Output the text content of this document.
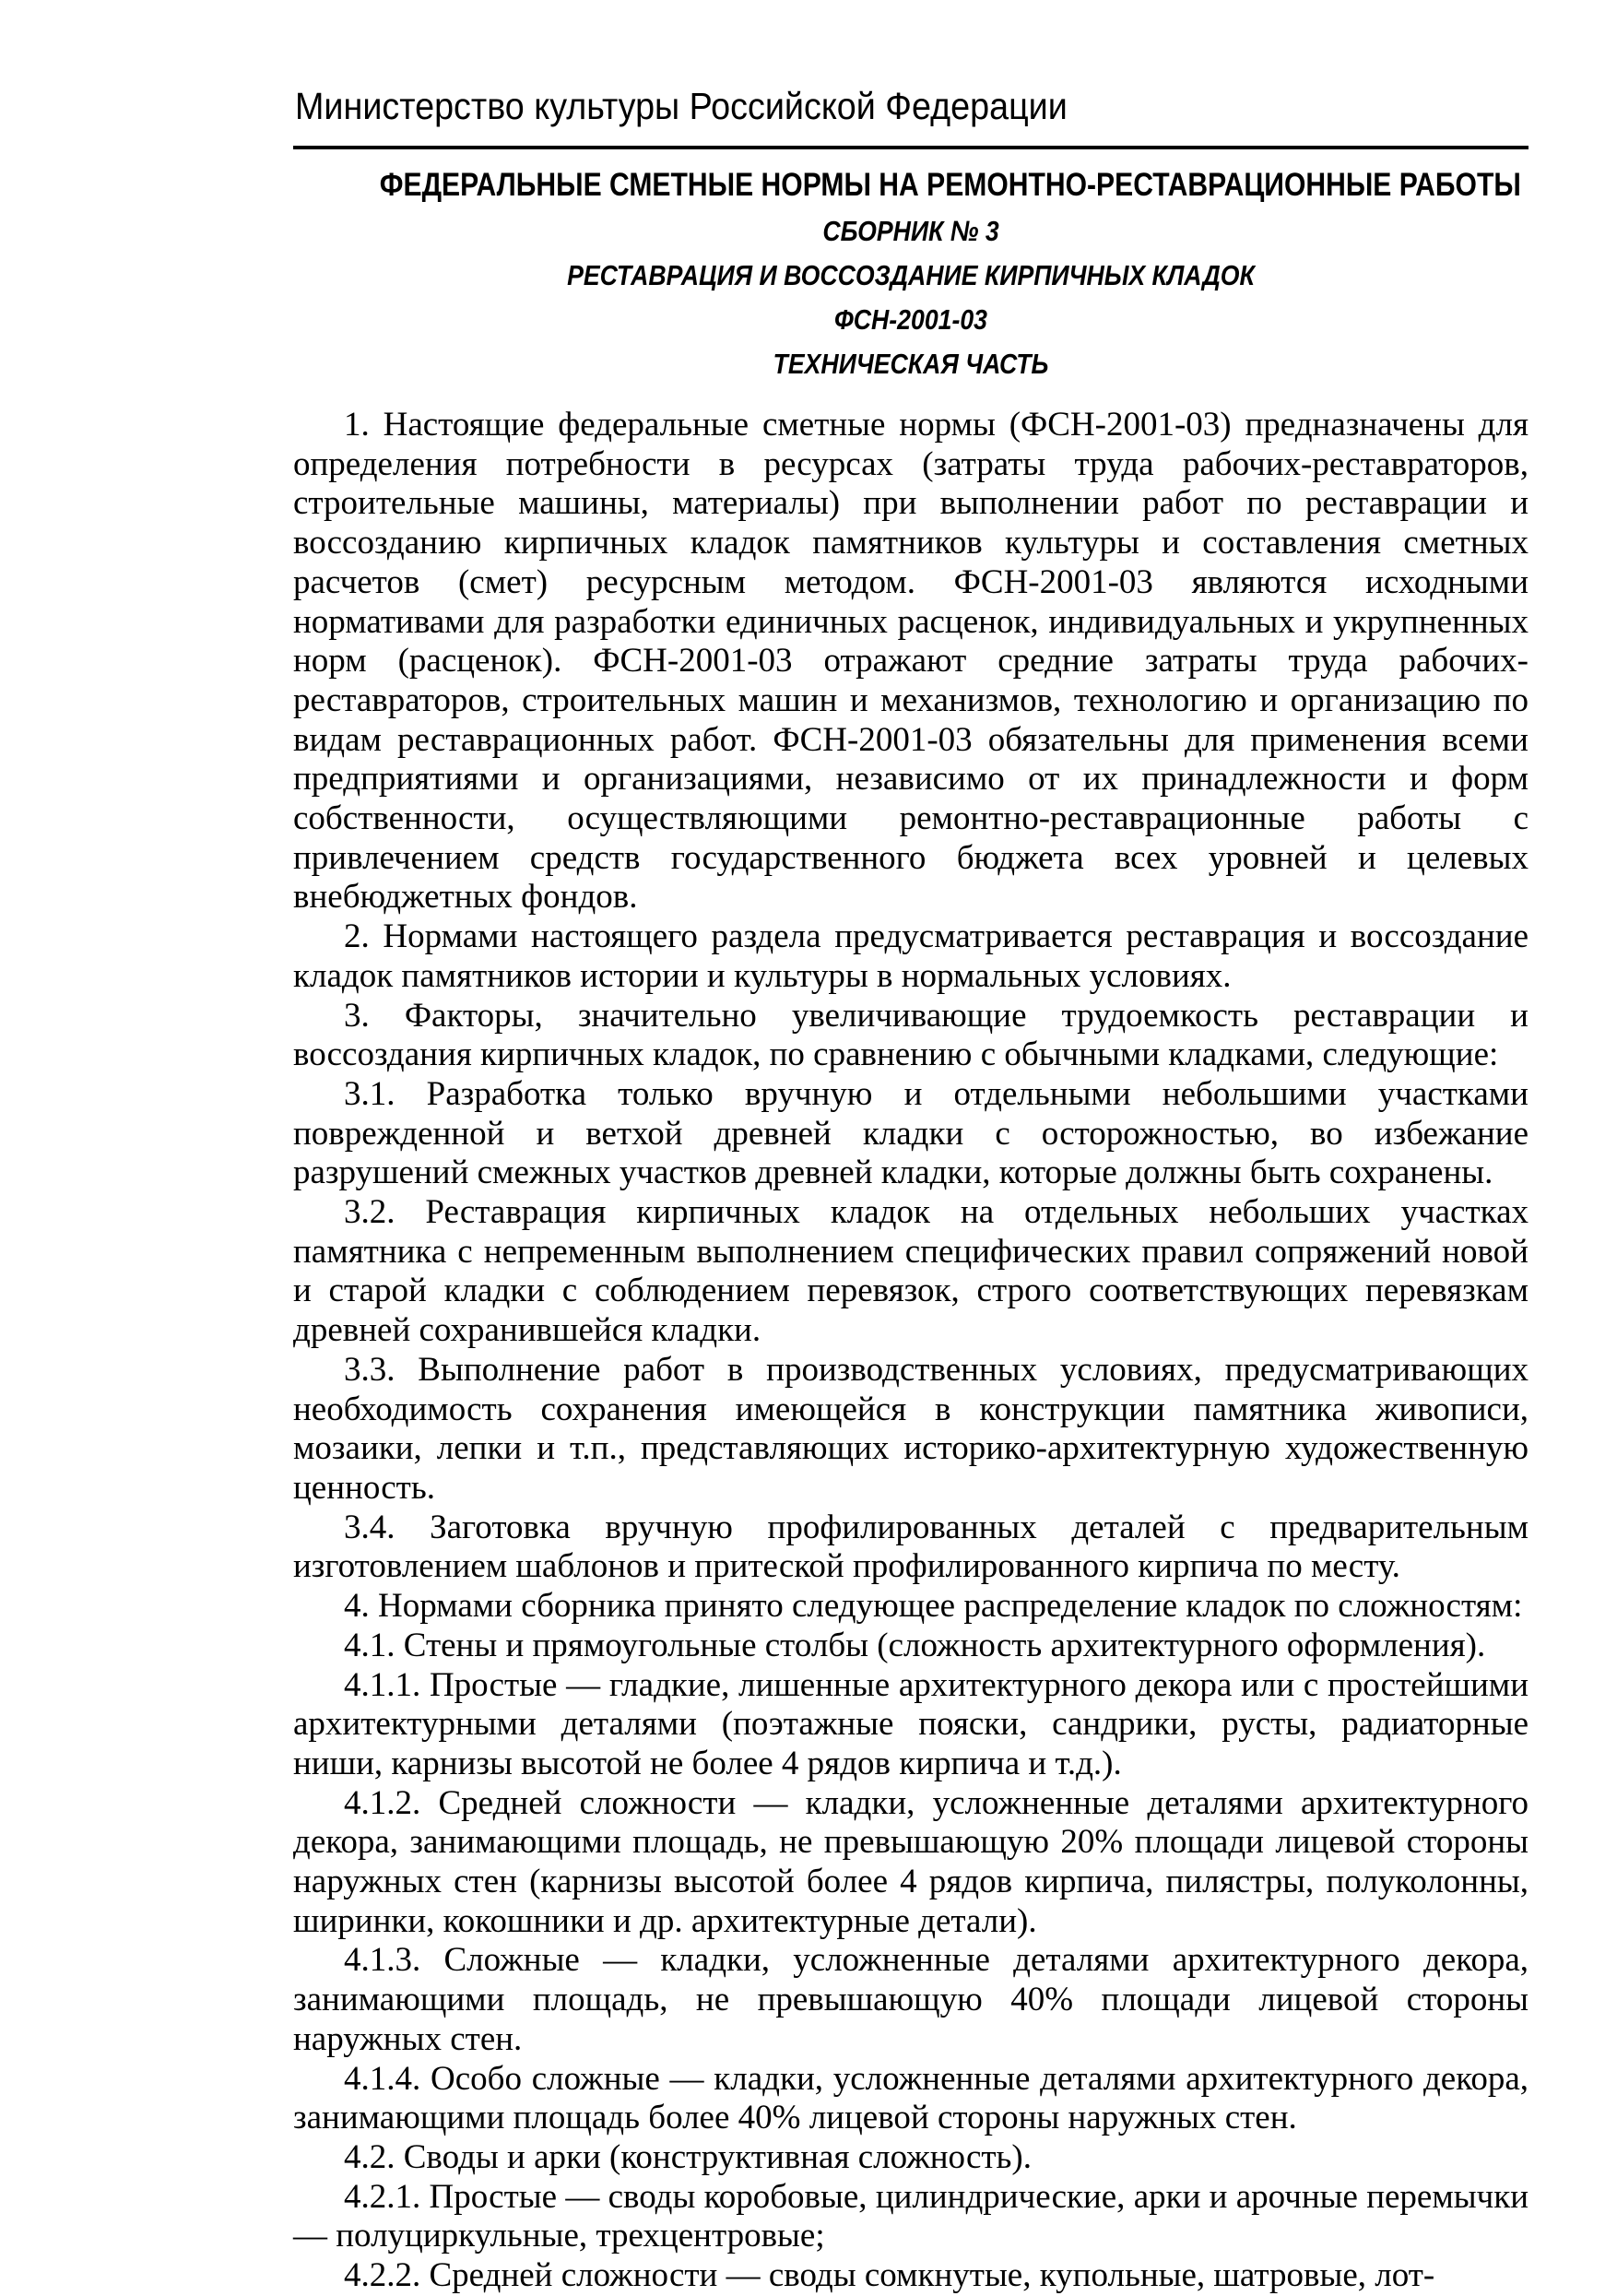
Министерство культуры Российской Федерации
ФЕДЕРАЛЬНЫЕ СМЕТНЫЕ НОРМЫ НА РЕМОНТНО-РЕСТАВРАЦИОННЫЕ РАБОТЫ
СБОРНИК № 3
РЕСТАВРАЦИЯ И ВОССОЗДАНИЕ КИРПИЧНЫХ КЛАДОК
ФСН-2001-03
ТЕХНИЧЕСКАЯ ЧАСТЬ

1. Настоящие федеральные сметные нормы (ФСН-2001-03) предназначены для определения потребности в ресурсах (затраты труда рабочих-реставраторов, строительные машины, материалы) при выполнении работ по реставрации и воссозданию кирпичных кладок памятников культуры и составления сметных расчетов (смет) ресурсным методом. ФСН-2001-03 являются исходными нормативами для разработки единичных расценок, индивидуальных и укрупненных норм (расценок). ФСН-2001-03 отражают средние затраты труда рабочих-реставраторов, строительных машин и механизмов, технологию и организацию по видам реставрационных работ. ФСН-2001-03 обязательны для применения всеми предприятиями и организациями, независимо от их принадлежности и форм собственности, осуществляющими ремонтно-реставрационные работы с привлечением средств государственного бюджета всех уровней и целевых внебюджетных фондов.

2. Нормами настоящего раздела предусматривается реставрация и воссоздание кладок памятников истории и культуры в нормальных условиях.

3. Факторы, значительно увеличивающие трудоемкость реставрации и воссоздания кирпичных кладок, по сравнению с обычными кладками, следующие:

3.1. Разработка только вручную и отдельными небольшими участками поврежденной и ветхой древней кладки с осторожностью, во избежание разрушений смежных участков древней кладки, которые должны быть сохранены.

3.2. Реставрация кирпичных кладок на отдельных небольших участках памятника с непременным выполнением специфических правил сопряжений новой и старой кладки с соблюдением перевязок, строго соответствующих перевязкам древней сохранившейся кладки.

3.3. Выполнение работ в производственных условиях, предусматривающих необходимость сохранения имеющейся в конструкции памятника живописи, мозаики, лепки и т.п., представляющих историко-архитектурную художественную ценность.

3.4. Заготовка вручную профилированных деталей с предварительным изготовлением шаблонов и притеской профилированного кирпича по месту.

4. Нормами сборника принято следующее распределение кладок по сложностям:

4.1. Стены и прямоугольные столбы (сложность архитектурного оформления).

4.1.1. Простые — гладкие, лишенные архитектурного декора или с простейшими архитектурными деталями (поэтажные пояски, сандрики, русты, радиаторные ниши, карнизы высотой не более 4 рядов кирпича и т.д.).

4.1.2. Средней сложности — кладки, усложненные деталями архитектурного декора, занимающими площадь, не превышающую 20% площади лицевой стороны наружных стен (карнизы высотой более 4 рядов кирпича, пилястры, полуколонны, ширинки, кокошники и др. архитектурные детали).

4.1.3. Сложные — кладки, усложненные деталями архитектурного декора, занимающими площадь, не превышающую 40% площади лицевой стороны наружных стен.

4.1.4. Особо сложные — кладки, усложненные деталями архитектурного декора, занимающими площадь более 40% лицевой стороны наружных стен.

4.2. Своды и арки (конструктивная сложность).

4.2.1. Простые — своды коробовые, цилиндрические, арки и арочные перемычки — полуциркульные, трехцентровые;

4.2.2. Средней сложности — своды сомкнутые, купольные, шатровые, лот-
